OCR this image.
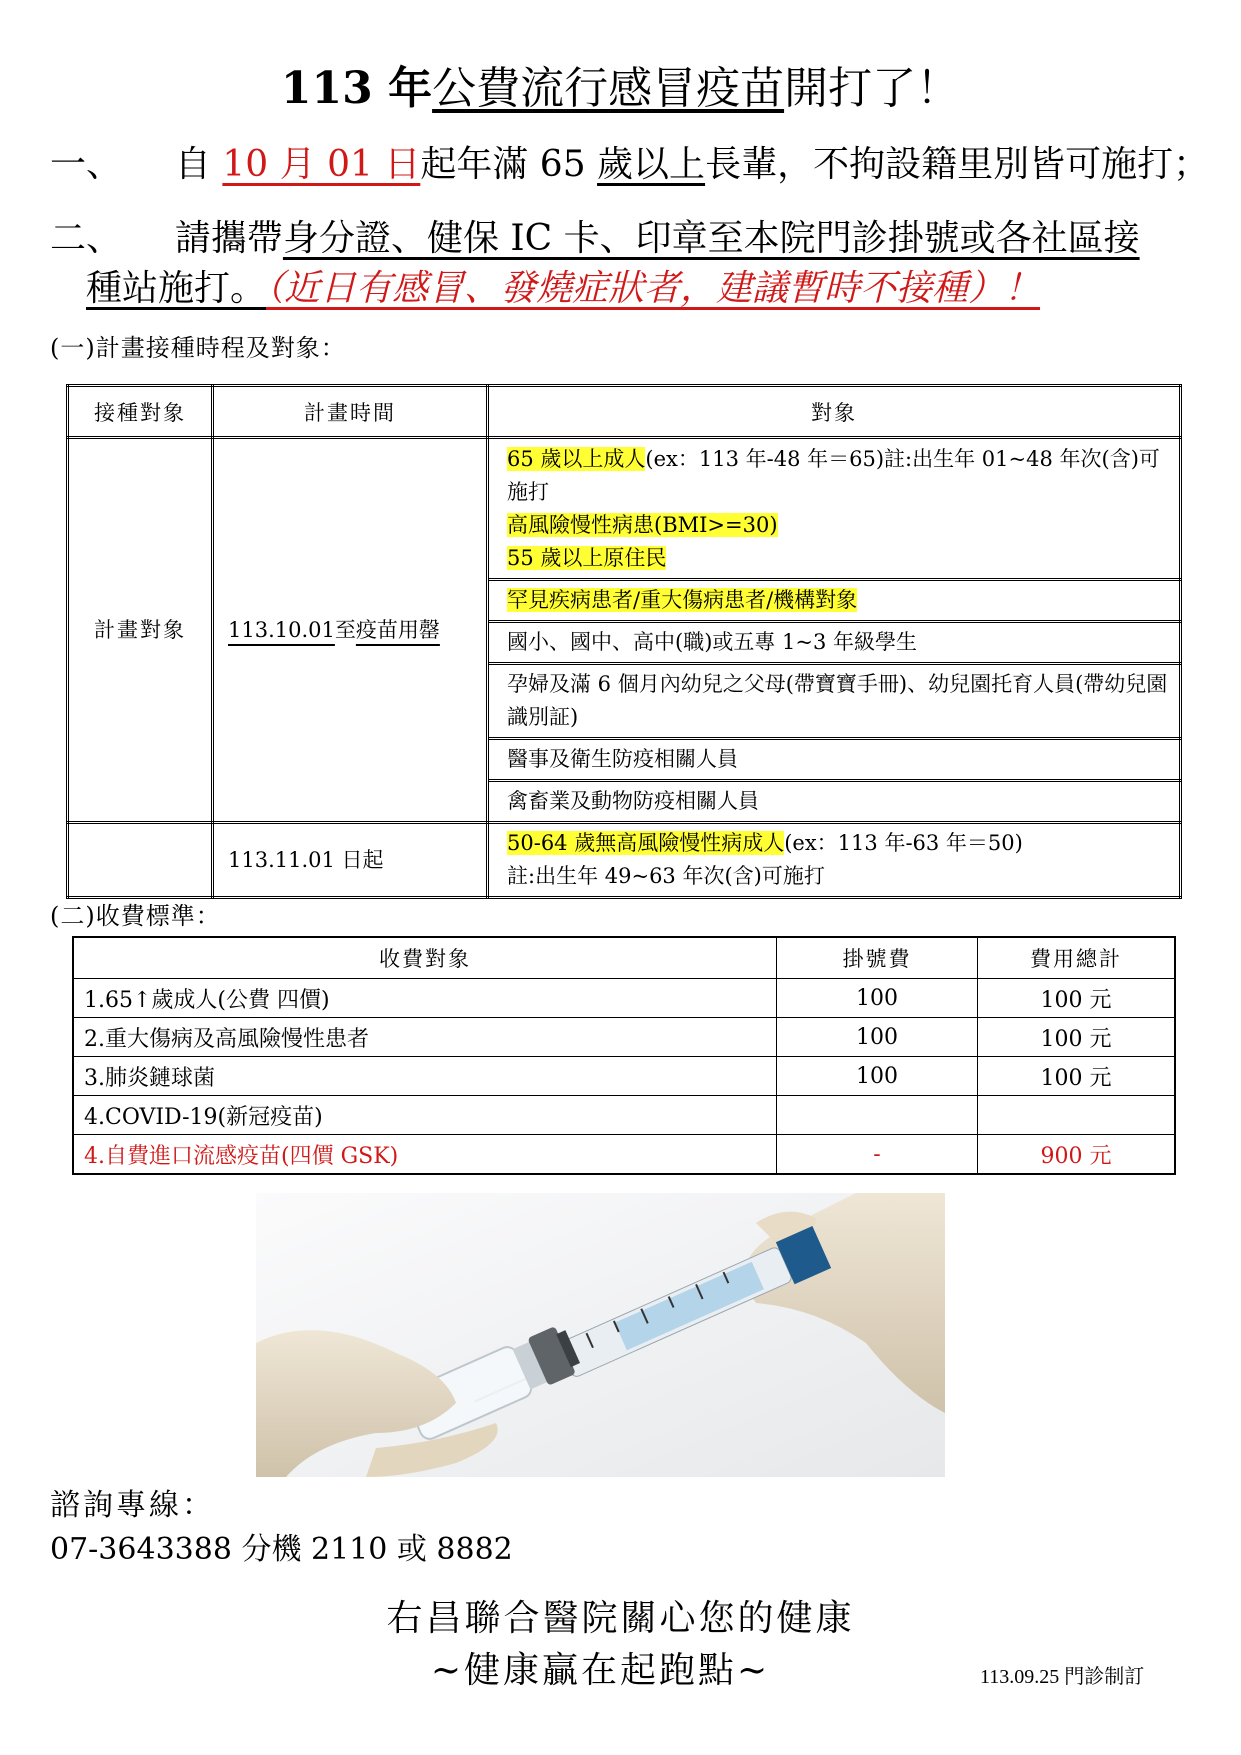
113 年公費流行感冒疫苗開打了！
一、 自 10 月 01 日起年滿 65 歲以上長輩，不拘設籍里別皆可施打；
二、 請攜帶身分證、健保 IC 卡、印章至本院門診掛號或各社區接
種站施打。（近日有感冒、發燒症狀者，建議暫時不接種）！
(一)計畫接種時程及對象：
接種對象	計畫時間	對象
計畫對象	113.10.01至疫苗用罄	65 歲以上成人(ex：113 年-48 年＝65)註:出生年 01~48 年次(含)可施打
高風險慢性病患(BMI>=30)
55 歲以上原住民

		罕見疾病患者/重大傷病患者/機構對象
		國小、國中、高中(職)或五專 1~3 年級學生
		孕婦及滿 6 個月內幼兒之父母(帶寶寶手冊)、幼兒園托育人員(帶幼兒園識別証)
		醫事及衛生防疫相關人員
		禽畜業及動物防疫相關人員
	113.11.01 日起	50-64 歲無高風險慢性病成人(ex：113 年-63 年＝50)
註:出生年 49~63 年次(含)可施打
(二)收費標準：
收費對象	掛號費	費用總計
1.65↑歲成人(公費 四價)	100	100 元
2.重大傷病及高風險慢性患者	100	100 元
3.肺炎鏈球菌	100	100 元
4.COVID-19(新冠疫苗)		
4.自費進口流感疫苗(四價 GSK)	-	900 元
諮詢專線：
07-3643388 分機 2110 或 8882
右昌聯合醫院關心您的健康
~健康贏在起跑點~	113.09.25 門診制訂
